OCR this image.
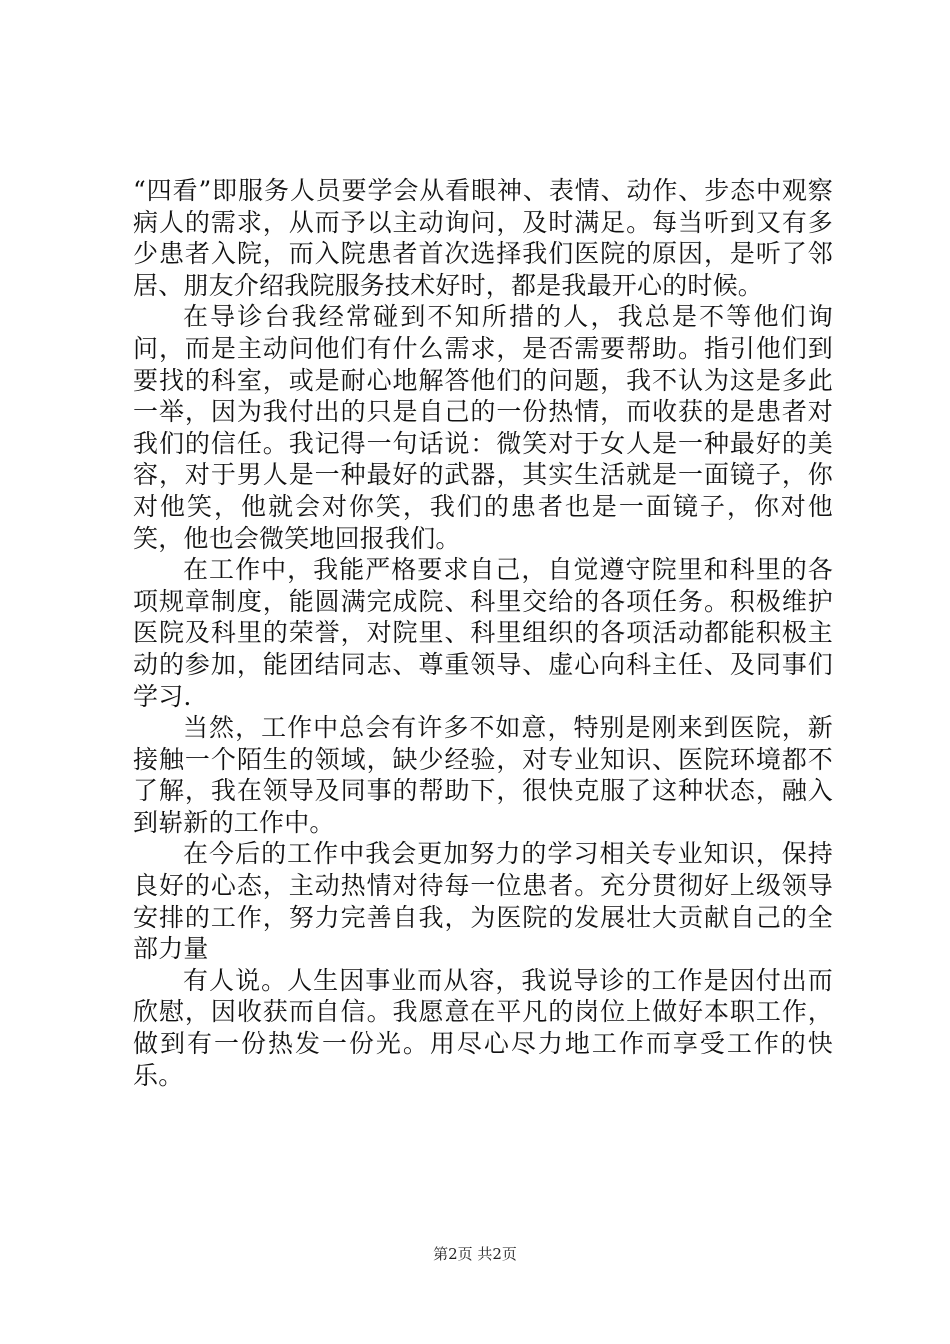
“四看”即服务人员要学会从看眼神、表情、动作、步态中观察病人的需求，从而予以主动询问，及时满足。每当听到又有多少患者入院，而入院患者首次选择我们医院的原因，是听了邻居、朋友介绍我院服务技术好时，都是我最开心的时候。

在导诊台我经常碰到不知所措的人，我总是不等他们询问，而是主动问他们有什么需求，是否需要帮助。指引他们到要找的科室，或是耐心地解答他们的问题，我不认为这是多此一举，因为我付出的只是自己的一份热情，而收获的是患者对我们的信任。我记得一句话说：微笑对于女人是一种最好的美容，对于男人是一种最好的武器，其实生活就是一面镜子，你对他笑，他就会对你笑，我们的患者也是一面镜子，你对他笑，他也会微笑地回报我们。

在工作中，我能严格要求自己，自觉遵守院里和科里的各项规章制度，能圆满完成院、科里交给的各项任务。积极维护医院及科里的荣誉，对院里、科里组织的各项活动都能积极主动的参加，能团结同志、尊重领导、虚心向科主任、及同事们学习.

当然，工作中总会有许多不如意，特别是刚来到医院，新接触一个陌生的领域，缺少经验，对专业知识、医院环境都不了解，我在领导及同事的帮助下，很快克服了这种状态，融入到崭新的工作中。

在今后的工作中我会更加努力的学习相关专业知识，保持良好的心态，主动热情对待每一位患者。充分贯彻好上级领导安排的工作，努力完善自我，为医院的发展壮大贡献自己的全部力量

有人说。人生因事业而从容，我说导诊的工作是因付出而欣慰，因收获而自信。我愿意在平凡的岗位上做好本职工作，做到有一份热发一份光。用尽心尽力地工作而享受工作的快乐。

第2页 共2页
